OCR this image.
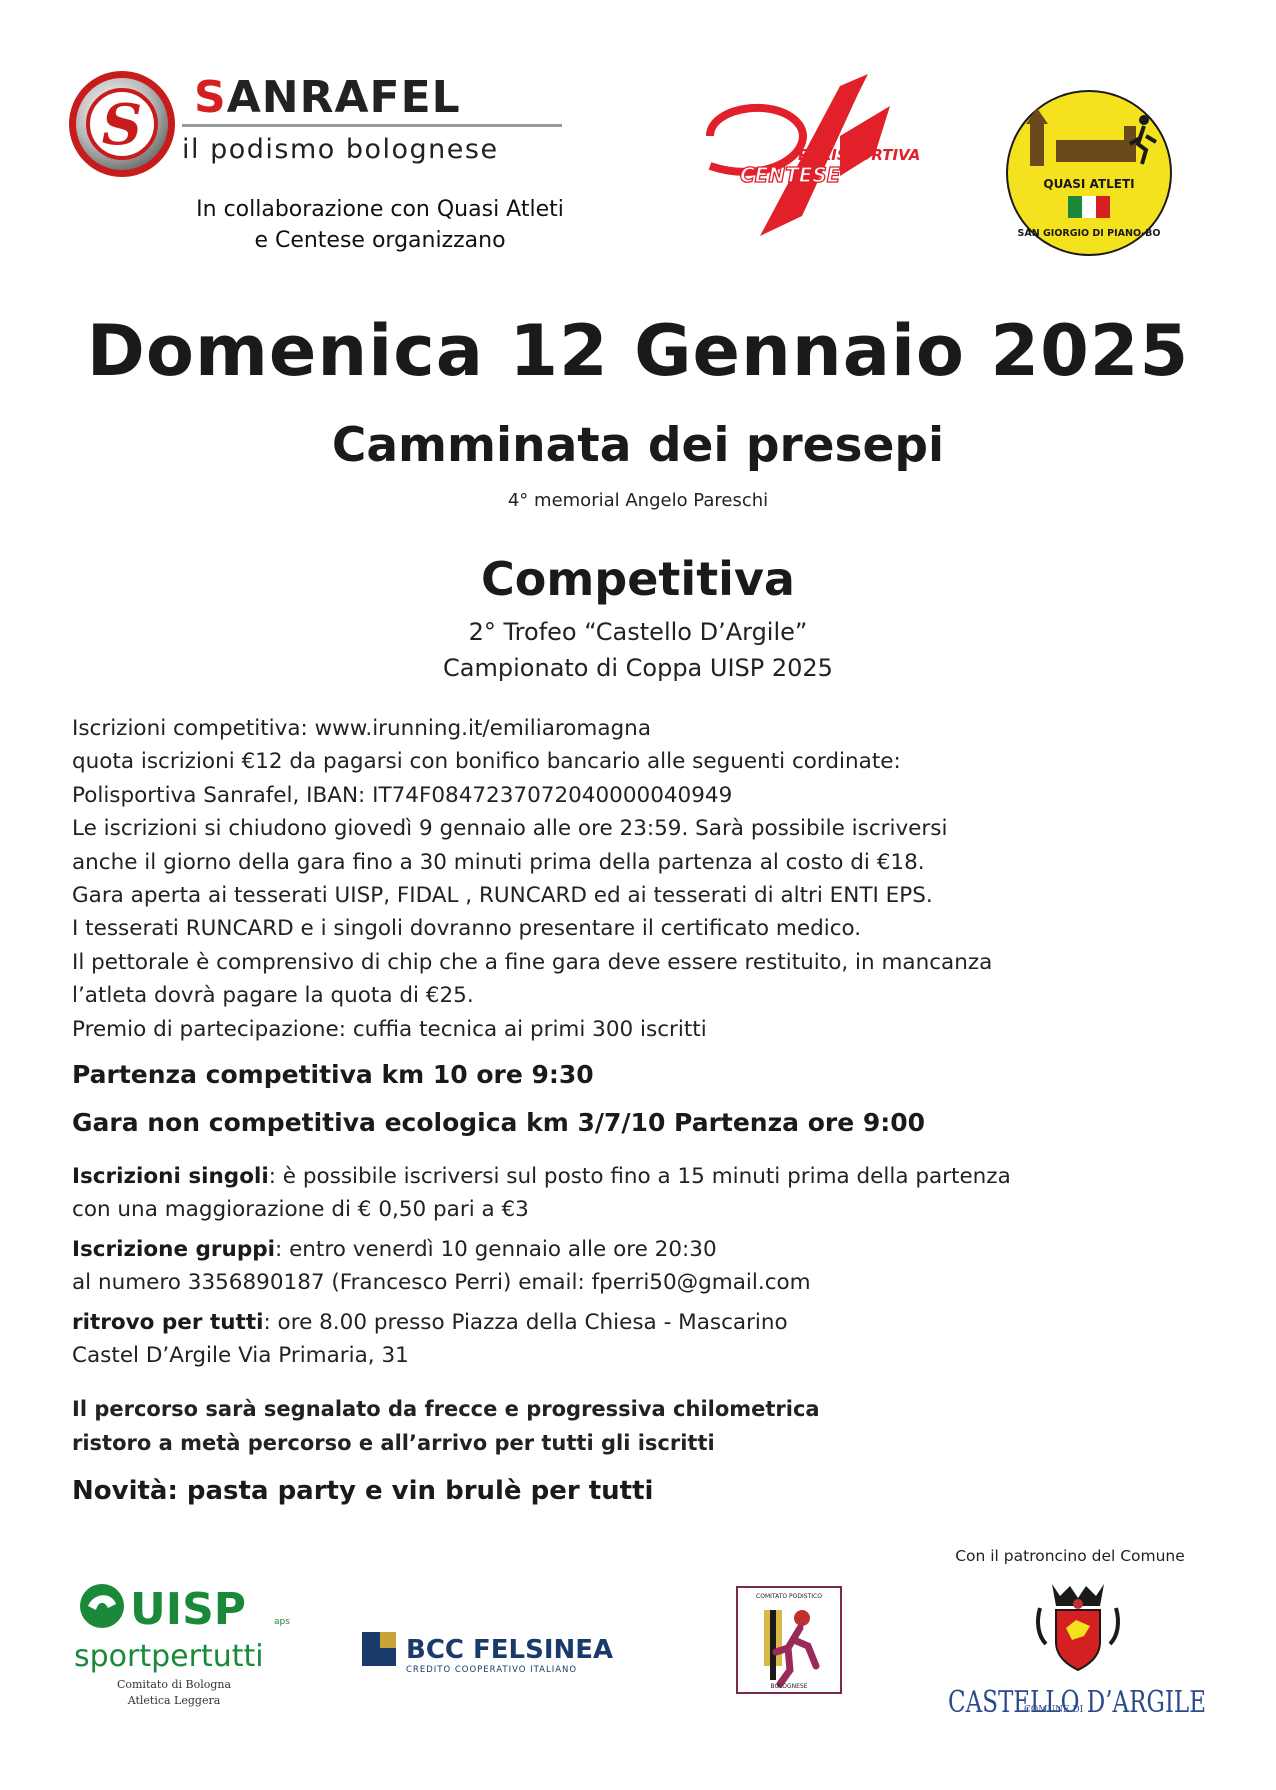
S SANRAFEL
il podismo bolognese
In collaborazione con Quasi Atleti
e Centese organizzano
POLISPORTIVA
CENTESE	QUASI ATLETI
SAN GIORGIO DI PIANO-BO
Domenica 12 Gennaio 2025
Camminata dei presepi
4° memorial Angelo Pareschi
Competitiva
2° Trofeo “Castello D’Argile”
Campionato di Coppa UISP 2025
Iscrizioni competitiva: www.irunning.it/emiliaromagna
quota iscrizioni €12 da pagarsi con bonifico bancario alle seguenti cordinate:
Polisportiva Sanrafel, IBAN: IT74F0847237072040000040949
Le iscrizioni si chiudono giovedì 9 gennaio alle ore 23:59. Sarà possibile iscriversi
anche il giorno della gara fino a 30 minuti prima della partenza al costo di €18.
Gara aperta ai tesserati UISP, FIDAL , RUNCARD ed ai tesserati di altri ENTI EPS.
I tesserati RUNCARD e i singoli dovranno presentare il certificato medico.
Il pettorale è comprensivo di chip che a fine gara deve essere restituito, in mancanza
l’atleta dovrà pagare la quota di €25.
Premio di partecipazione: cuffia tecnica ai primi 300 iscritti
Partenza competitiva km 10 ore 9:30
Gara non competitiva ecologica km 3/7/10 Partenza ore 9:00
Iscrizioni singoli: è possibile iscriversi sul posto fino a 15 minuti prima della partenza
con una maggiorazione di € 0,50 pari a €3
Iscrizione gruppi: entro venerdì 10 gennaio alle ore 20:30
al numero 3356890187 (Francesco Perri) email: fperri50@gmail.com
ritrovo per tutti: ore 8.00 presso Piazza della Chiesa - Mascarino
Castel D’Argile Via Primaria, 31
Il percorso sarà segnalato da frecce e progressiva chilometrica
ristoro a metà percorso e all’arrivo per tutti gli iscritti
Novità: pasta party e vin brulè per tutti
Con il patroncino del Comune
UISP	aps
sportpertutti
Comitato di Bologna
Atletica Leggera
BCC FELSINEA
CREDITO COOPERATIVO ITALIANO
COMITATO PODISTICO
BOLOGNESE
COMUNE DI
CASTELLO D’ARGILE
